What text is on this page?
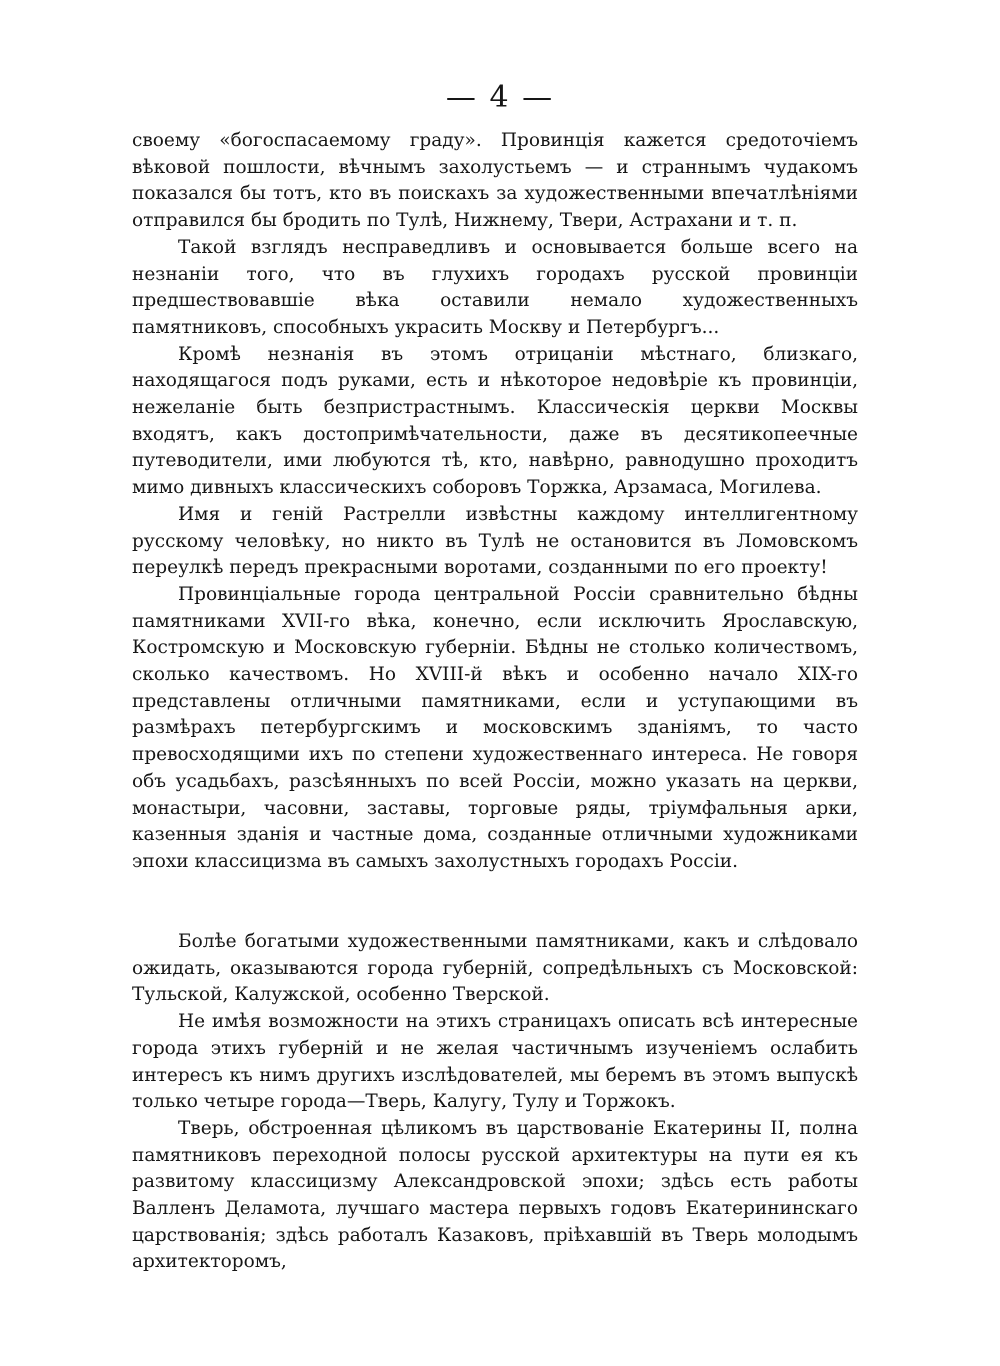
— 4 —

своему «богоспасаемому граду». Провинція кажется средоточіемъ вѣковой пошлости, вѣчнымъ захолустьемъ — и страннымъ чудакомъ показался бы тотъ, кто въ поискахъ за художественными впечатлѣніями отправился бы бродить по Тулѣ, Нижнему, Твери, Астрахани и т. п.

Такой взглядъ несправедливъ и основывается больше всего на незнаніи того, что въ глухихъ городахъ русской провинціи предшествовавшіе вѣка оставили немало художественныхъ памятниковъ, способныхъ украсить Москву и Петербургъ...

Кромѣ незнанія въ этомъ отрицаніи мѣстнаго, близкаго, находящагося подъ руками, есть и нѣкоторое недовѣріе къ провинціи, нежеланіе быть безпристрастнымъ. Классическія церкви Москвы входятъ, какъ достопримѣчательности, даже въ десятикопеечные путеводители, ими любуются тѣ, кто, навѣрно, равнодушно проходитъ мимо дивныхъ классическихъ соборовъ Торжка, Арзамаса, Могилева.

Имя и геній Растрелли извѣстны каждому интеллигентному русскому человѣку, но никто въ Тулѣ не остановится въ Ломовскомъ переулкѣ передъ прекрасными воротами, созданными по его проекту!

Провинціальные города центральной Россіи сравнительно бѣдны памятниками XVII-го вѣка, конечно, если исключить Ярославскую, Костромскую и Московскую губерніи. Бѣдны не столько количествомъ, сколько качествомъ. Но XVIII-й вѣкъ и особенно начало XIX-го представлены отличными памятниками, если и уступающими въ размѣрахъ петербургскимъ и московскимъ зданіямъ, то часто превосходящими ихъ по степени художественнаго интереса. Не говоря объ усадьбахъ, разсѣянныхъ по всей Россіи, можно указать на церкви, монастыри, часовни, заставы, торговые ряды, тріумфальныя арки, казенныя зданія и частные дома, созданные отличными художниками эпохи классицизма въ самыхъ захолустныхъ городахъ Россіи.

Болѣе богатыми художественными памятниками, какъ и слѣдовало ожидать, оказываются города губерній, сопредѣльныхъ съ Московской: Тульской, Калужской, особенно Тверской.

Не имѣя возможности на этихъ страницахъ описать всѣ интересные города этихъ губерній и не желая частичнымъ изученіемъ ослабить интересъ къ нимъ другихъ изслѣдователей, мы беремъ въ этомъ выпускѣ только четыре города—Тверь, Калугу, Тулу и Торжокъ.

Тверь, обстроенная цѣликомъ въ царствованіе Екатерины II, полна памятниковъ переходной полосы русской архитектуры на пути ея къ развитому классицизму Александровской эпохи; здѣсь есть работы Валленъ Деламота, лучшаго мастера первыхъ годовъ Екатерининскаго царствованія; здѣсь работалъ Казаковъ, пріѣхавшій въ Тверь молодымъ архитекторомъ,
